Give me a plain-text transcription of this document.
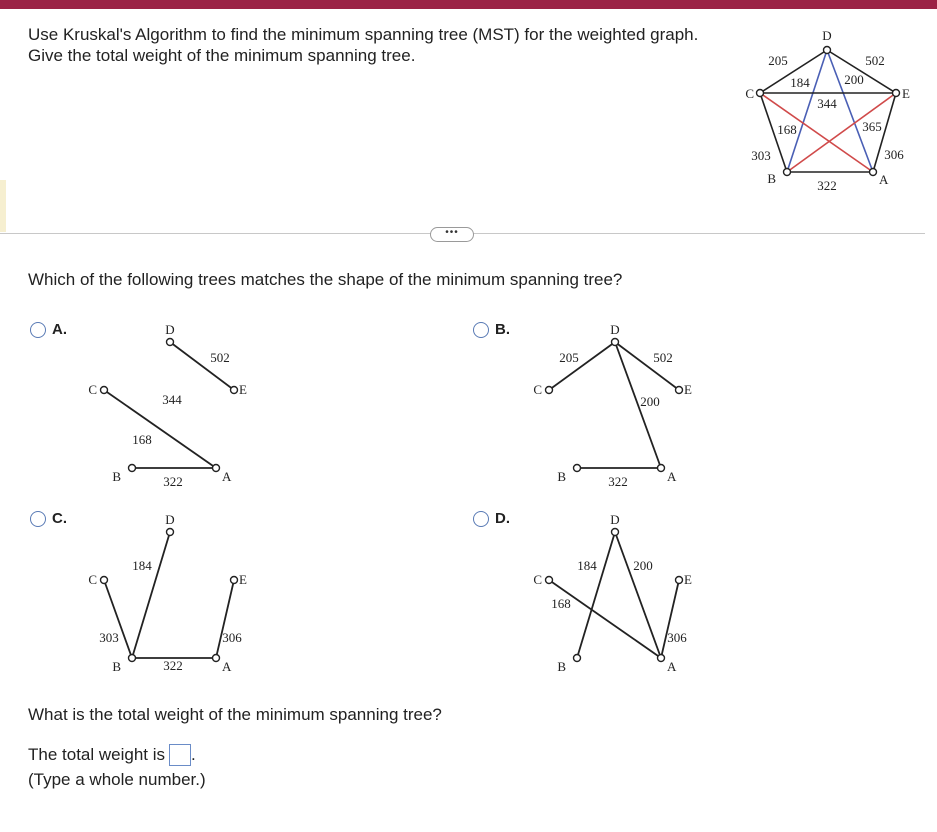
Use Kruskal's Algorithm to find the minimum spanning tree (MST) for the weighted graph.
Give the total weight of the minimum spanning tree.	205	502
184	200
344
168	365
303
322
306
D
C	E
B	A
•••

Which of the following trees matches the shape of the minimum spanning tree?

A.	B.
C.	D.
502
344
168
322
D
C	E
B	A
205	502
200
322
D
C	E
B	A
184
303
322
306
D
C	E
B	A
184	200
168
306
D
C	E
B	A

What is the total weight of the minimum spanning tree?

The total weight is .

(Type a whole number.)
